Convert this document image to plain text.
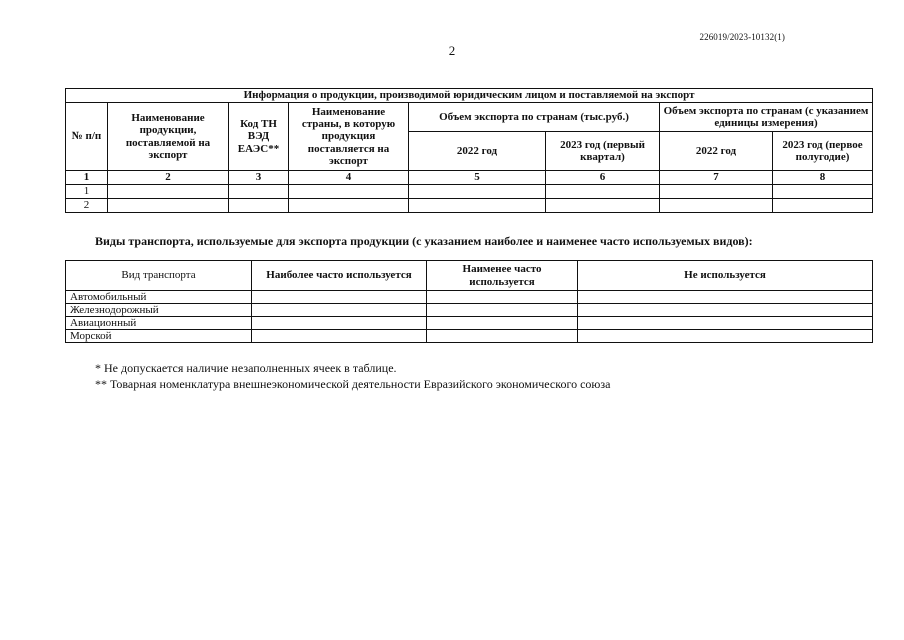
226019/2023-10132(1)
2
Информация о продукции, производимой юридическим лицом и поставляемой на экспорт							
№ п/п	Наименование продукции, поставляемой на экспорт	Код ТН ВЭД ЕАЭС**	Наименование страны, в которую продукция поставляется на экспорт	Объем экспорта по странам (тыс.руб.)		Объем экспорта по странам (с указанием единицы измерения)	
				2022 год	2023 год (первый квартал)	2022 год	2023 год (первое полугодие)
1	2	3	4	5	6	7	8
1							
2							
Виды транспорта, используемые для экспорта продукции (с указанием наиболее и наименее часто используемых видов):
Вид транспорта	Наиболее часто используется	Наименее часто используется	Не используется
Автомобильный			
Железнодорожный			
Авиационный			
Морской			
* Не допускается наличие незаполненных ячеек в таблице.
** Товарная номенклатура внешнеэкономической деятельности Евразийского экономического союза
